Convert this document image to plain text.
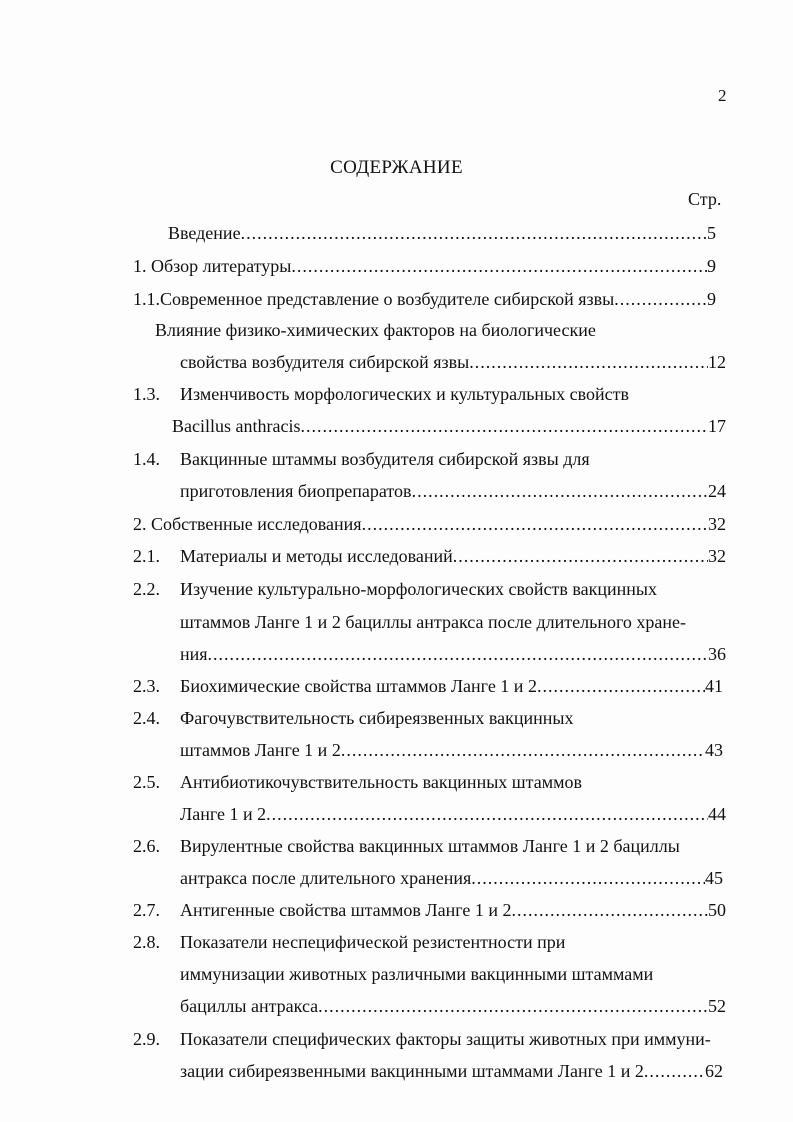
2
СОДЕРЖАНИЕ
Стр.
Введение .....	5
1. Обзор литературы .....	9
1.1.Современное представление о возбудителе сибирской язвы .....	9
Влияние физико-химических факторов на биологические
свойства возбудителя сибирской язвы .....	12
1.3. Изменчивость морфологических и культуральных свойств
Bacillus anthracis .....	17
1.4. Вакцинные штаммы возбудителя сибирской язвы для
приготовления биопрепаратов .....	24
2. Собственные исследования .....	32
2.1. Материалы и методы исследований .....	32
2.2. Изучение культурально-морфологических свойств вакцинных
штаммов Ланге 1 и 2 бациллы антракса после длительного хране-
ния .....	36
2.3. Биохимические свойства штаммов Ланге 1 и 2 .....	41
2.4. Фагочувствительность сибиреязвенных вакцинных
штаммов Ланге 1 и 2 .....	43
2.5. Антибиотикочувствительность вакцинных штаммов
Ланге 1 и 2 .....	44
2.6. Вирулентные свойства вакцинных штаммов Ланге 1 и 2 бациллы
антракса после длительного хранения .....	45
2.7. Антигенные свойства штаммов Ланге 1 и 2 .....	50
2.8. Показатели неспецифической резистентности при
иммунизации животных различными вакцинными штаммами
бациллы антракса .....	52
2.9. Показатели специфических факторы защиты животных при иммуни-
зации сибиреязвенными вакцинными штаммами Ланге 1 и 2 .....	62
